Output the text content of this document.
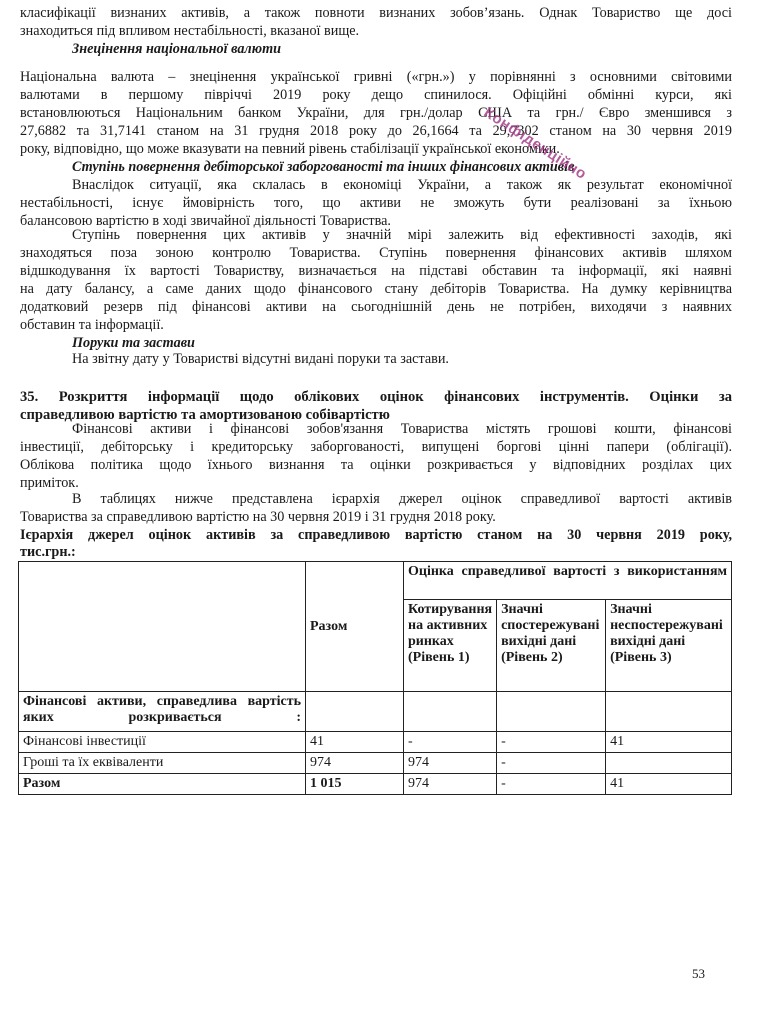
класифікації визнаних активів, а також повноти визнаних зобов’язань. Однак Товариство ще досі
знаходиться під впливом нестабільності, вказаної вище.
Знецінення національної валюти
Національна валюта – знецінення української гривні («грн.») у порівнянні з основними світовими
валютами в першому півріччі 2019 року дещо спинилося. Офіційні обмінні курси, які
встановлюються Національним банком України, для грн./долар США та грн./ Євро зменшився з
27,6882 та 31,7141 станом на 31 грудня 2018 року до 26,1664 та 29,7302 станом на 30 червня 2019
року, відповідно, що може вказувати на певний рівень стабілізації української економіки.
Ступінь повернення дебіторської заборгованості та інших фінансових активів
Внаслідок ситуації, яка склалась в економіці України, а також як результат економічної
нестабільності, існує ймовірність того, що активи не зможуть бути реалізовані за їхньою
балансовою вартістю в ході звичайної діяльності Товариства.
Ступінь повернення цих активів у значній мірі залежить від ефективності заходів, які
знаходяться поза зоною контролю Товариства. Ступінь повернення фінансових активів шляхом
відшкодування їх вартості Товариству, визначається на підставі обставин та інформації, які наявні
на дату балансу, а саме даних щодо фінансового стану дебіторів Товариства. На думку керівництва
додатковий резерв під фінансові активи на сьогоднішній день не потрібен, виходячи з наявних
обставин та інформації.
Поруки та застави
На звітну дату у Товаристві відсутні видані поруки та застави.
35. Розкриття інформації щодо облікових оцінок фінансових інструментів. Оцінки за
справедливою вартістю та амортизованою собівартістю
Фінансові активи і фінансові зобов'язання Товариства містять грошові кошти, фінансові
інвестиції, дебіторську і кредиторську заборгованості, випущені боргові цінні папери (облігації).
Облікова політика щодо їхнього визнання та оцінки розкривається у відповідних розділах цих
приміток.
В таблицях нижче представлена ієрархія джерел оцінок справедливої вартості активів
Товариства за справедливою вартістю на 30 червня 2019 і 31 грудня 2018 року.
Ієрархія джерел оцінок активів за справедливою вартістю станом на 30 червня 2019 року,
тис.грн.:
	Разом	Оцінка справедливої вартості з використанням		
		Котирування на активних ринках (Рівень 1)	Значні спостережувані вихідні дані (Рівень 2)	Значні неспостережувані вихідні дані (Рівень 3)
Фінансові активи, справедлива вартість яких розкривається :				
Фінансові інвестиції	41	-	-	41
Гроші та їх еквіваленти	974	974	-	
Разом	1 015	974	-	41
Конфіденційно
53
